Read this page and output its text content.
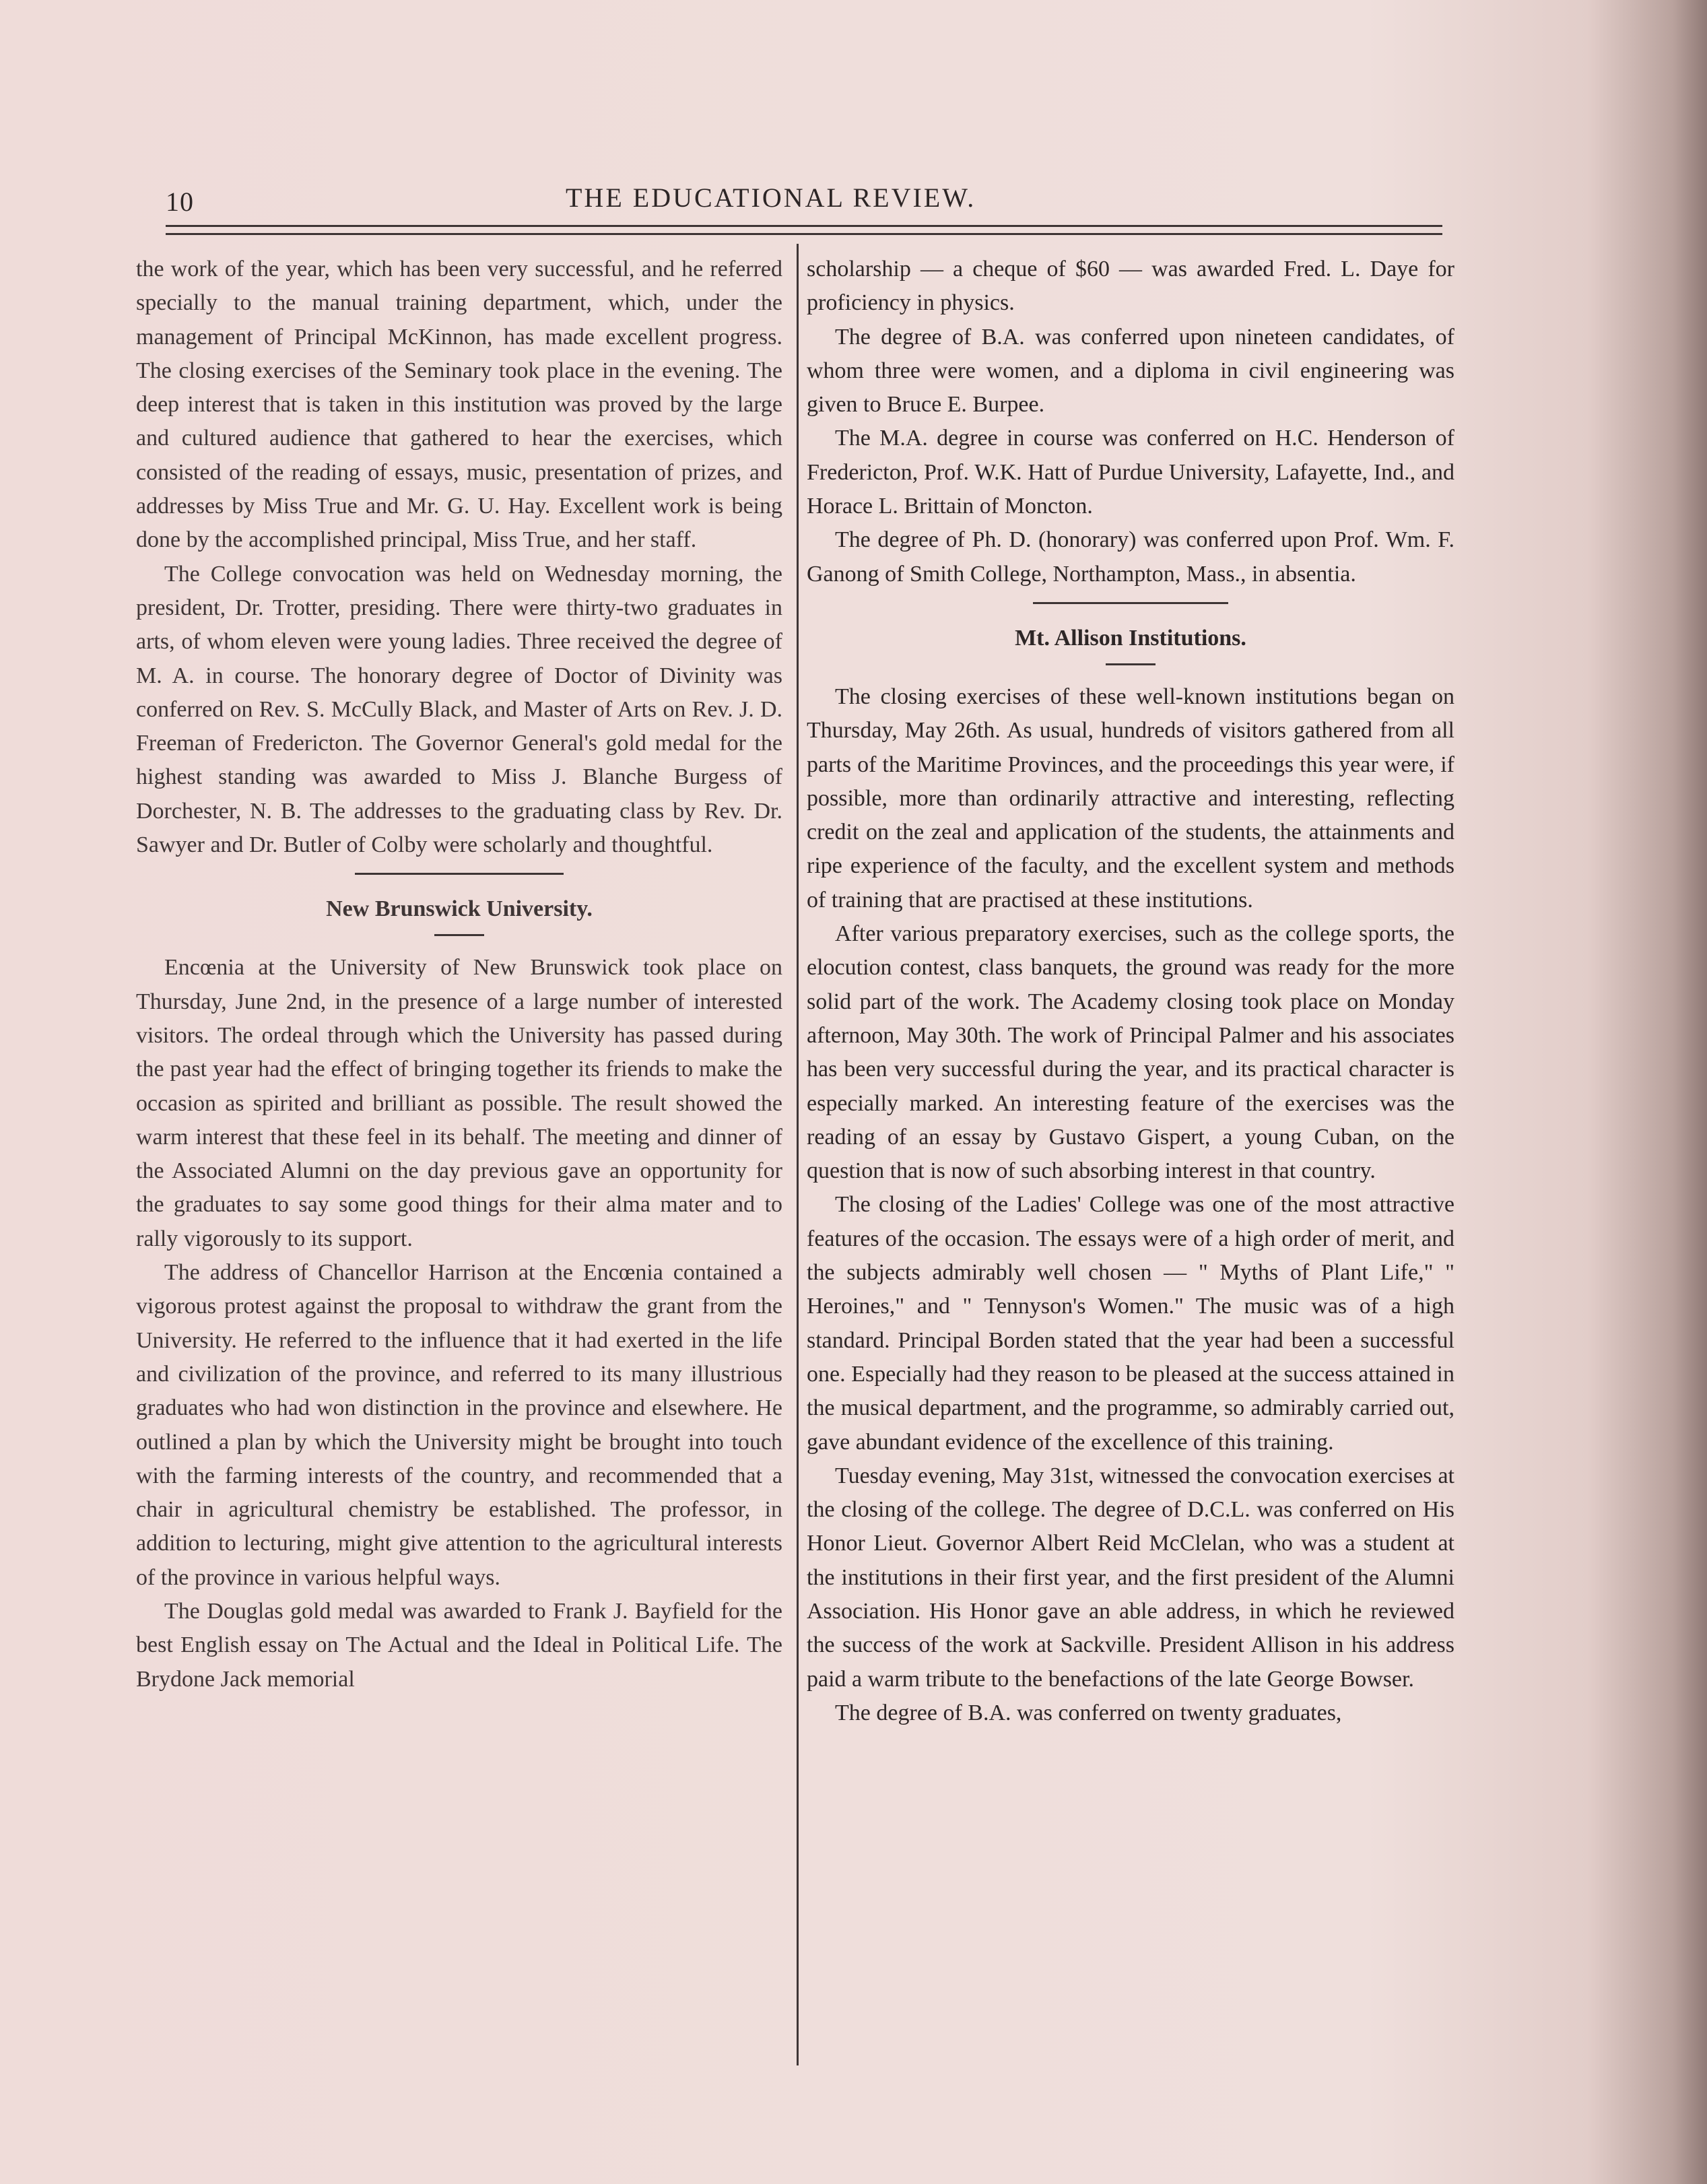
10	THE EDUCATIONAL REVIEW.

the work of the year, which has been very successful, and he referred specially to the manual training department, which, under the management of Principal McKinnon, has made excellent progress. The closing exercises of the Seminary took place in the evening. The deep interest that is taken in this institution was proved by the large and cultured audience that gathered to hear the exercises, which consisted of the reading of essays, music, presentation of prizes, and addresses by Miss True and Mr. G. U. Hay. Excellent work is being done by the accomplished principal, Miss True, and her staff.

The College convocation was held on Wednesday morning, the president, Dr. Trotter, presiding. There were thirty-two graduates in arts, of whom eleven were young ladies. Three received the degree of M. A. in course. The honorary degree of Doctor of Divinity was conferred on Rev. S. McCully Black, and Master of Arts on Rev. J. D. Freeman of Fredericton. The Governor General's gold medal for the highest standing was awarded to Miss J. Blanche Burgess of Dorchester, N. B. The addresses to the graduating class by Rev. Dr. Sawyer and Dr. Butler of Colby were scholarly and thoughtful.

New Brunswick University.

Encœnia at the University of New Brunswick took place on Thursday, June 2nd, in the presence of a large number of interested visitors. The ordeal through which the University has passed during the past year had the effect of bringing together its friends to make the occasion as spirited and brilliant as possible. The result showed the warm interest that these feel in its behalf. The meeting and dinner of the Associated Alumni on the day previous gave an opportunity for the graduates to say some good things for their alma mater and to rally vigorously to its support.

The address of Chancellor Harrison at the Encœnia contained a vigorous protest against the proposal to withdraw the grant from the University. He referred to the influence that it had exerted in the life and civilization of the province, and referred to its many illustrious graduates who had won distinction in the province and elsewhere. He outlined a plan by which the University might be brought into touch with the farming interests of the country, and recommended that a chair in agricultural chemistry be established. The professor, in addition to lecturing, might give attention to the agricultural interests of the province in various helpful ways.

The Douglas gold medal was awarded to Frank J. Bayfield for the best English essay on The Actual and the Ideal in Political Life. The Brydone Jack memorial

scholarship — a cheque of $60 — was awarded Fred. L. Daye for proficiency in physics.

The degree of B.A. was conferred upon nineteen candidates, of whom three were women, and a diploma in civil engineering was given to Bruce E. Burpee.

The M.A. degree in course was conferred on H.C. Henderson of Fredericton, Prof. W.K. Hatt of Purdue University, Lafayette, Ind., and Horace L. Brittain of Moncton.

The degree of Ph. D. (honorary) was conferred upon Prof. Wm. F. Ganong of Smith College, Northampton, Mass., in absentia.

Mt. Allison Institutions.

The closing exercises of these well-known institutions began on Thursday, May 26th. As usual, hundreds of visitors gathered from all parts of the Maritime Provinces, and the proceedings this year were, if possible, more than ordinarily attractive and interesting, reflecting credit on the zeal and application of the students, the attainments and ripe experience of the faculty, and the excellent system and methods of training that are practised at these institutions.

After various preparatory exercises, such as the college sports, the elocution contest, class banquets, the ground was ready for the more solid part of the work. The Academy closing took place on Monday afternoon, May 30th. The work of Principal Palmer and his associates has been very successful during the year, and its practical character is especially marked. An interesting feature of the exercises was the reading of an essay by Gustavo Gispert, a young Cuban, on the question that is now of such absorbing interest in that country.

The closing of the Ladies' College was one of the most attractive features of the occasion. The essays were of a high order of merit, and the subjects admirably well chosen — " Myths of Plant Life," " Heroines," and " Tennyson's Women." The music was of a high standard. Principal Borden stated that the year had been a successful one. Especially had they reason to be pleased at the success attained in the musical department, and the programme, so admirably carried out, gave abundant evidence of the excellence of this training.

Tuesday evening, May 31st, witnessed the convocation exercises at the closing of the college. The degree of D.C.L. was conferred on His Honor Lieut. Governor Albert Reid McClelan, who was a student at the institutions in their first year, and the first president of the Alumni Association. His Honor gave an able address, in which he reviewed the success of the work at Sackville. President Allison in his address paid a warm tribute to the benefactions of the late George Bowser.

The degree of B.A. was conferred on twenty graduates,
